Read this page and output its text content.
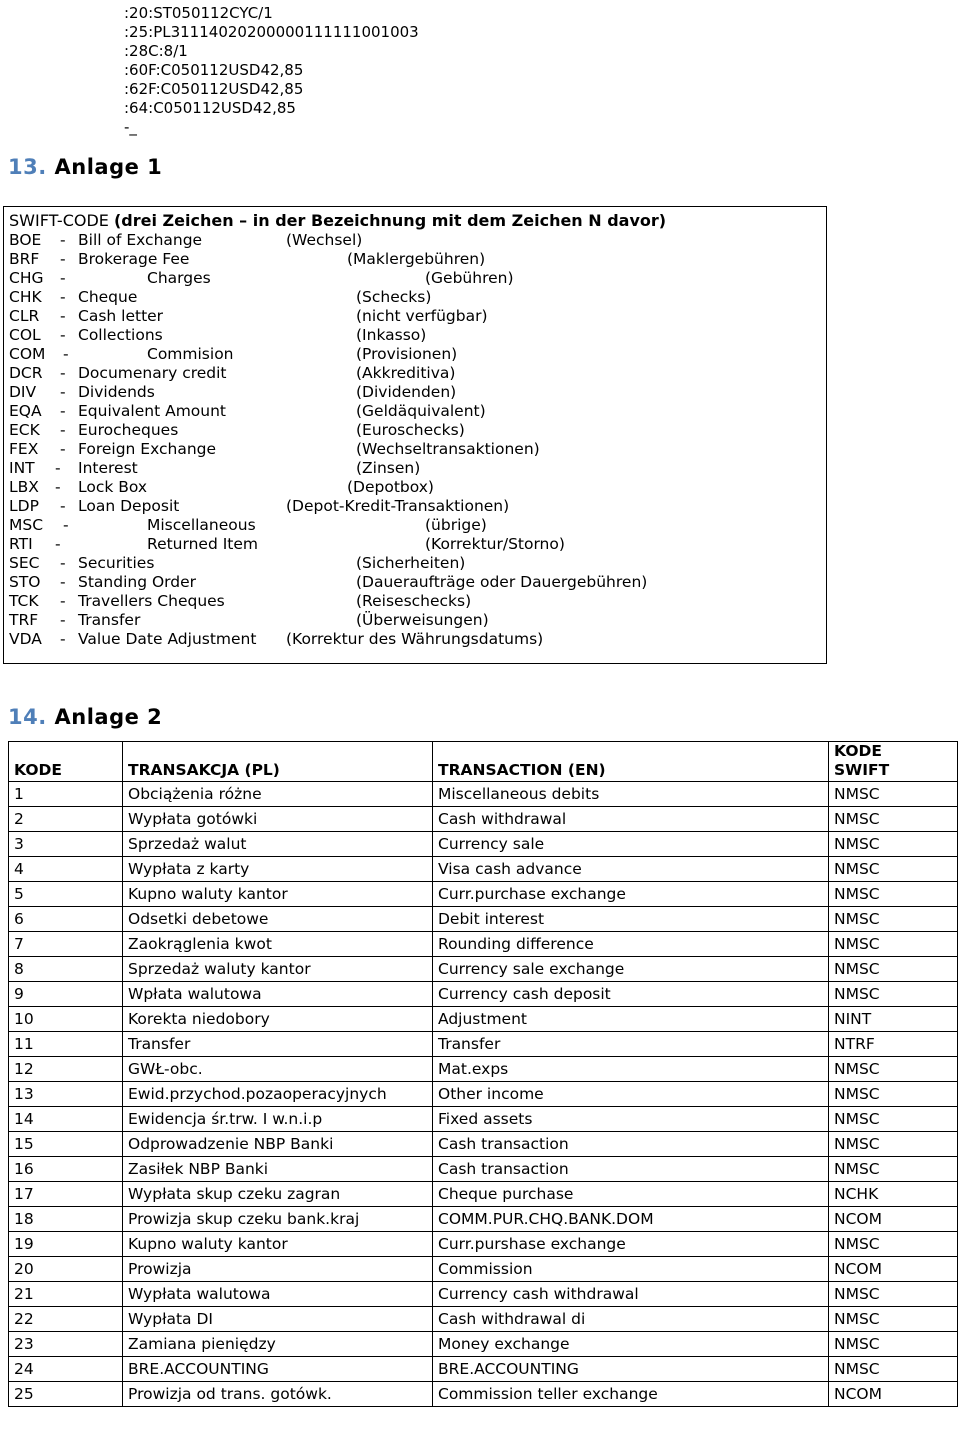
:20:ST050112CYC/1
:25:PL31114020200000111111001003
:28C:8/1
:60F:C050112USD42,85
:62F:C050112USD42,85
:64:C050112USD42,85
-_
13. Anlage 1
SWIFT-CODE (drei Zeichen – in der Bezeichnung mit dem Zeichen N davor)
BOE - Bill of Exchange	(Wechsel)
BRF - Brokerage Fee	(Maklergebühren)
CHG -	Charges	(Gebühren)
CHK - Cheque	(Schecks)
CLR - Cash letter	(nicht verfügbar)
COL - Collections	(Inkasso)
COM -	Commision	(Provisionen)
DCR - Documenary credit	(Akkreditiva)
DIV - Dividends	(Dividenden)
EQA - Equivalent Amount	(Geldäquivalent)
ECK - Eurocheques	(Euroschecks)
FEX - Foreign Exchange	(Wechseltransaktionen)
INT - Interest	(Zinsen)
LBX - Lock Box	(Depotbox)
LDP - Loan Deposit	(Depot-Kredit-Transaktionen)
MSC -	Miscellaneous	(übrige)
RTI -	Returned Item	(Korrektur/Storno)
SEC - Securities	(Sicherheiten)
STO - Standing Order	(Daueraufträge oder Dauergebühren)
TCK - Travellers Cheques	(Reiseschecks)
TRF - Transfer	(Überweisungen)
VDA - Value Date Adjustment (Korrektur des Währungsdatums)
14. Anlage 2
KODE	TRANSAKCJA (PL)	TRANSACTION (EN)	KODE SWIFT

1	Obciążenia różne	Miscellaneous debits	NMSC
2	Wypłata gotówki	Cash withdrawal	NMSC
3	Sprzedaż walut	Currency sale	NMSC
4	Wypłata z karty	Visa cash advance	NMSC
5	Kupno waluty kantor	Curr.purchase exchange	NMSC
6	Odsetki debetowe	Debit interest	NMSC
7	Zaokrąglenia kwot	Rounding difference	NMSC
8	Sprzedaż waluty kantor	Currency sale exchange	NMSC
9	Wpłata walutowa	Currency cash deposit	NMSC
10	Korekta niedobory	Adjustment	NINT
11	Transfer	Transfer	NTRF
12	GWŁ-obc.	Mat.exps	NMSC
13	Ewid.przychod.pozaoperacyjnych	Other income	NMSC
14	Ewidencja śr.trw. I w.n.i.p	Fixed assets	NMSC
15	Odprowadzenie NBP Banki	Cash transaction	NMSC
16	Zasiłek NBP Banki	Cash transaction	NMSC
17	Wypłata skup czeku zagran	Cheque purchase	NCHK
18	Prowizja skup czeku bank.kraj	COMM.PUR.CHQ.BANK.DOM	NCOM
19	Kupno waluty kantor	Curr.purshase exchange	NMSC
20	Prowizja	Commission	NCOM
21	Wypłata walutowa	Currency cash withdrawal	NMSC
22	Wypłata DI	Cash withdrawal di	NMSC
23	Zamiana pieniędzy	Money exchange	NMSC
24	BRE.ACCOUNTING	BRE.ACCOUNTING	NMSC
25	Prowizja od trans. gotówk.	Commission teller exchange	NCOM
